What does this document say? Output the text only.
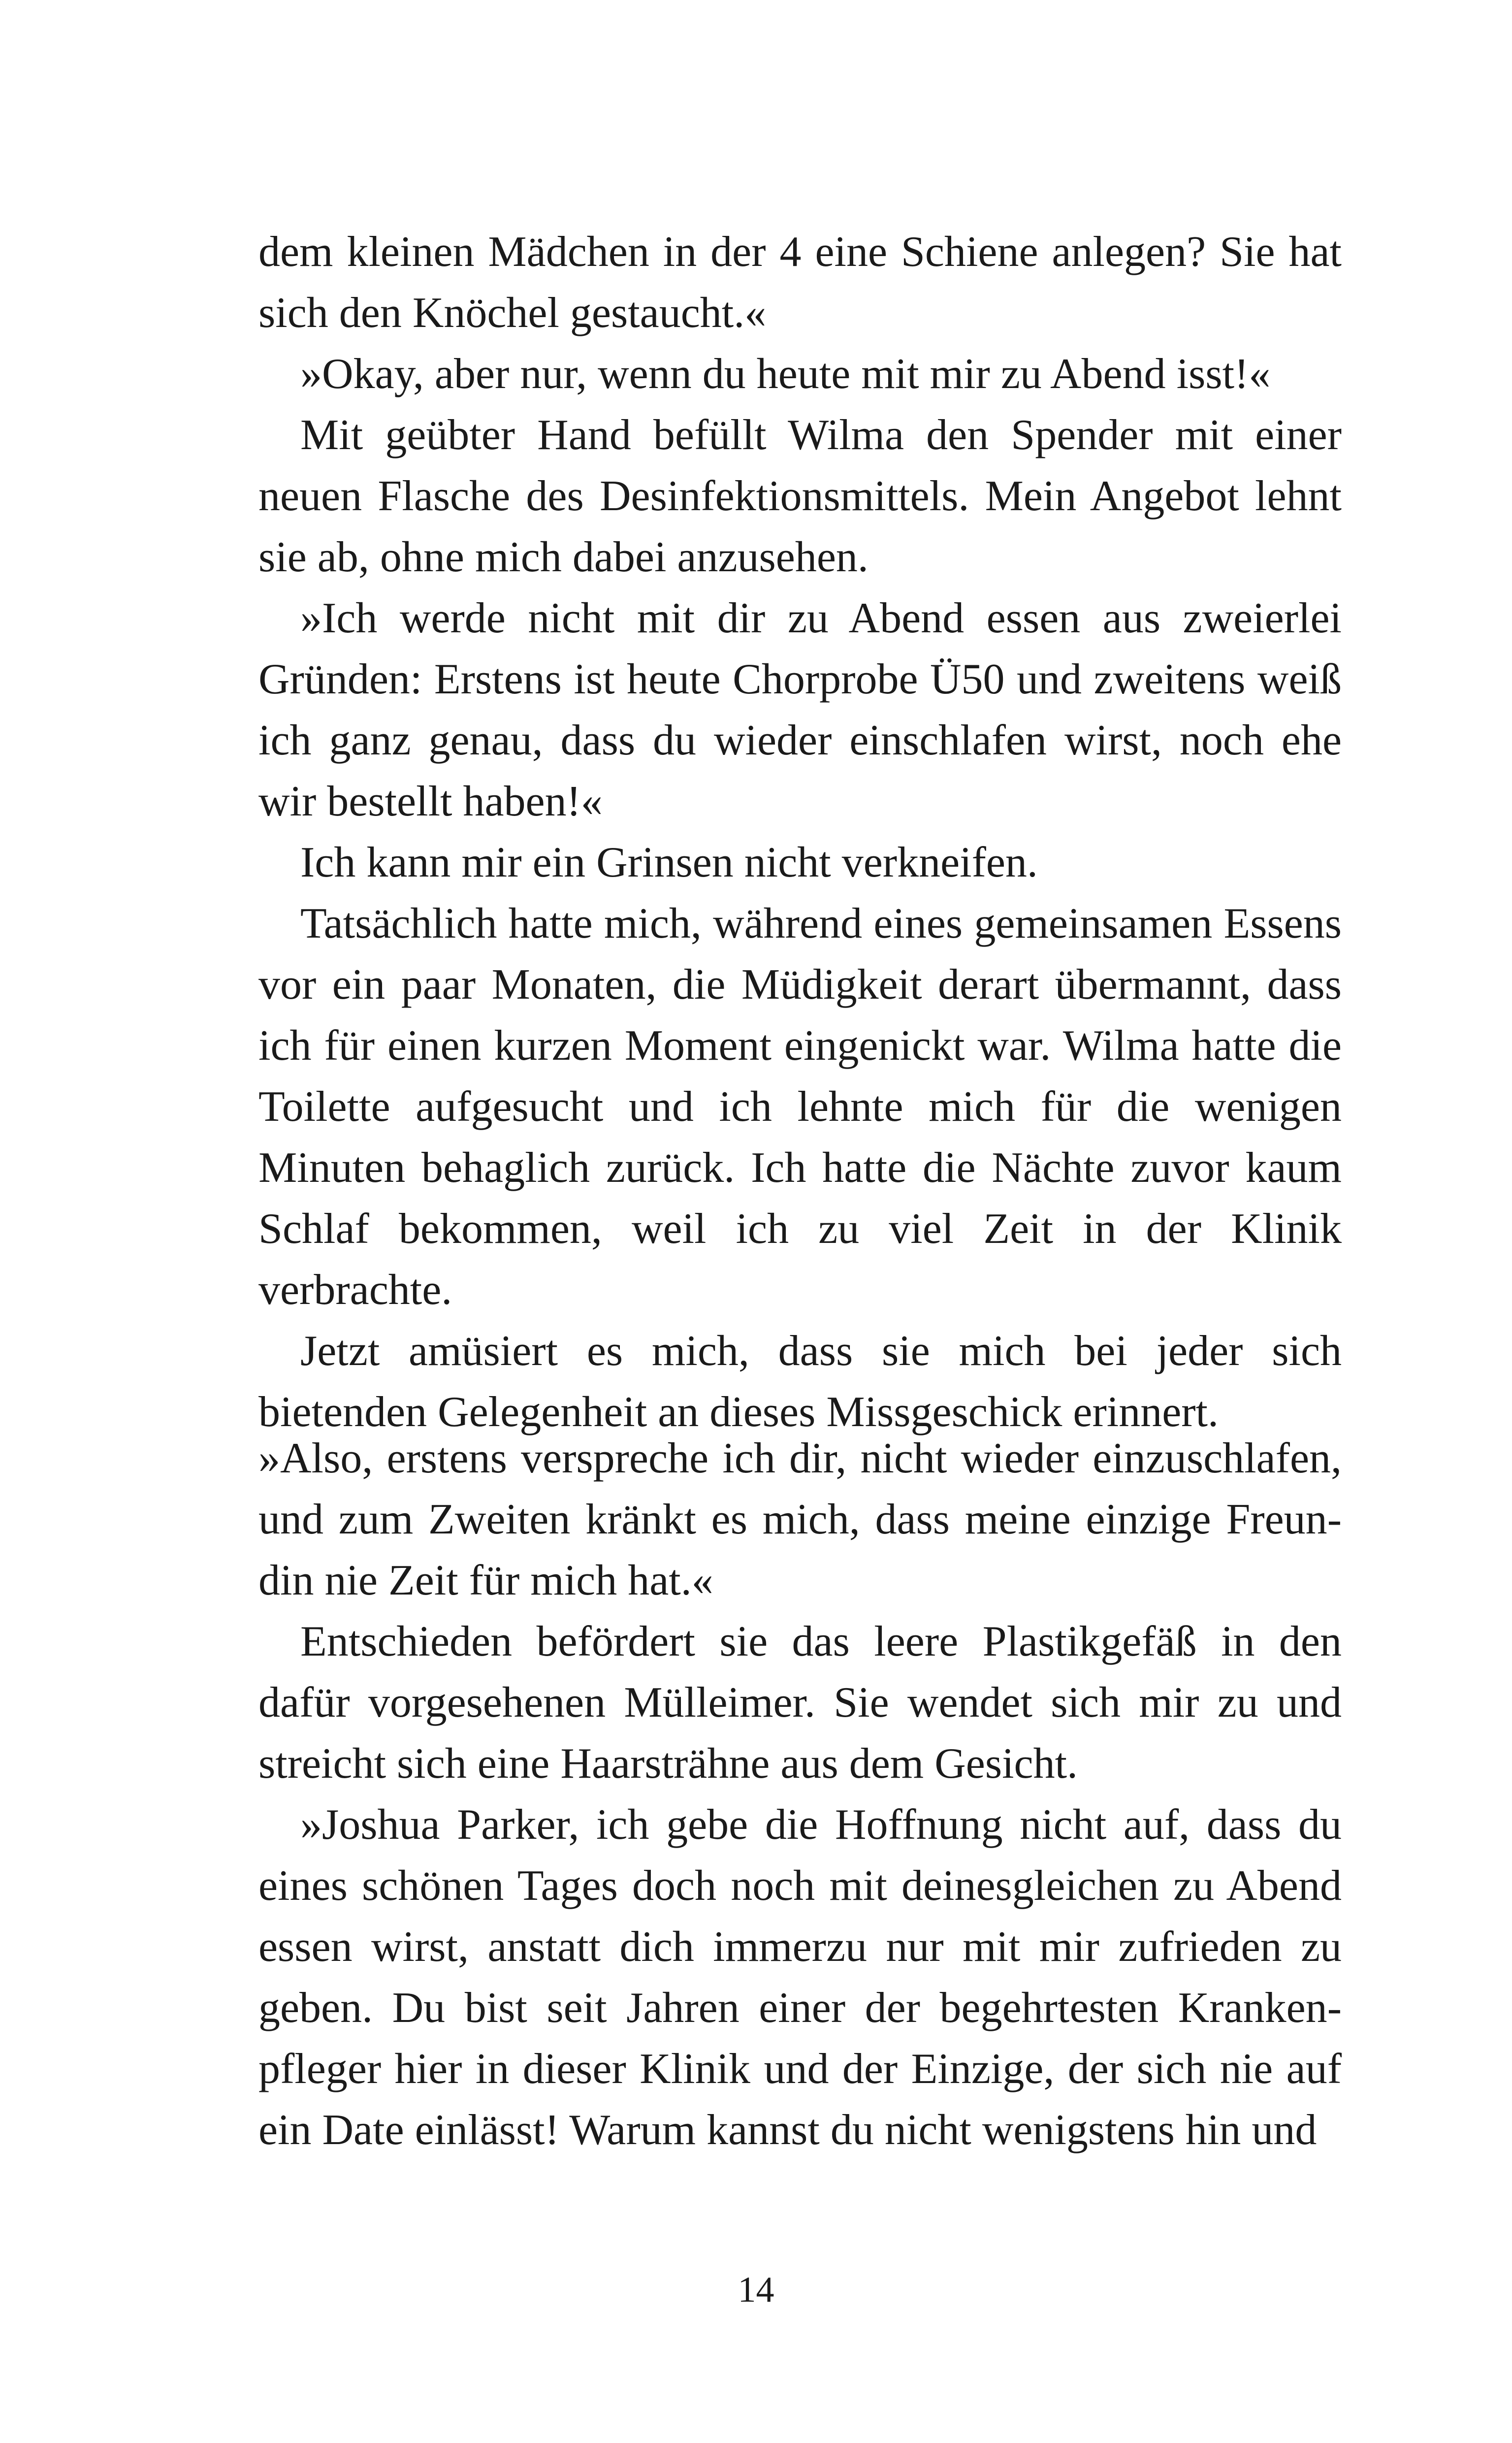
dem kleinen Mädchen in der 4 eine Schiene anlegen? Sie hat sich den Knöchel gestaucht.«

»Okay, aber nur, wenn du heute mit mir zu Abend isst!«

Mit geübter Hand befüllt Wilma den Spender mit einer neuen Flasche des Desinfektionsmittels. Mein Angebot lehnt sie ab, ohne mich dabei anzusehen.

»Ich werde nicht mit dir zu Abend essen aus zweierlei Gründen: Erstens ist heute Chorprobe Ü50 und zweitens weiß ich ganz genau, dass du wieder einschlafen wirst, noch ehe wir bestellt haben!«

Ich kann mir ein Grinsen nicht verkneifen.

Tatsächlich hatte mich, während eines gemeinsamen Essens vor ein paar Monaten, die Müdigkeit derart übermannt, dass ich für einen kurzen Moment eingenickt war. Wilma hatte die Toilette aufgesucht und ich lehnte mich für die wenigen Minuten behaglich zurück. Ich hatte die Nächte zuvor kaum Schlaf bekommen, weil ich zu viel Zeit in der Klinik verbrachte.

Jetzt amüsiert es mich, dass sie mich bei jeder sich bietenden Gelegenheit an dieses Missgeschick erinnert.

»Also, erstens verspreche ich dir, nicht wieder einzuschlafen, und zum Zweiten kränkt es mich, dass meine einzige Freundin nie Zeit für mich hat.«

Entschieden befördert sie das leere Plastikgefäß in den dafür vorgesehenen Mülleimer. Sie wendet sich mir zu und streicht sich eine Haarsträhne aus dem Gesicht.

»Joshua Parker, ich gebe die Hoffnung nicht auf, dass du eines schönen Tages doch noch mit deinesgleichen zu Abend essen wirst, anstatt dich immerzu nur mit mir zufrieden zu geben. Du bist seit Jahren einer der begehrtesten Krankenpfleger hier in dieser Klinik und der Einzige, der sich nie auf ein Date einlässt! Warum kannst du nicht wenigstens hin und

14
